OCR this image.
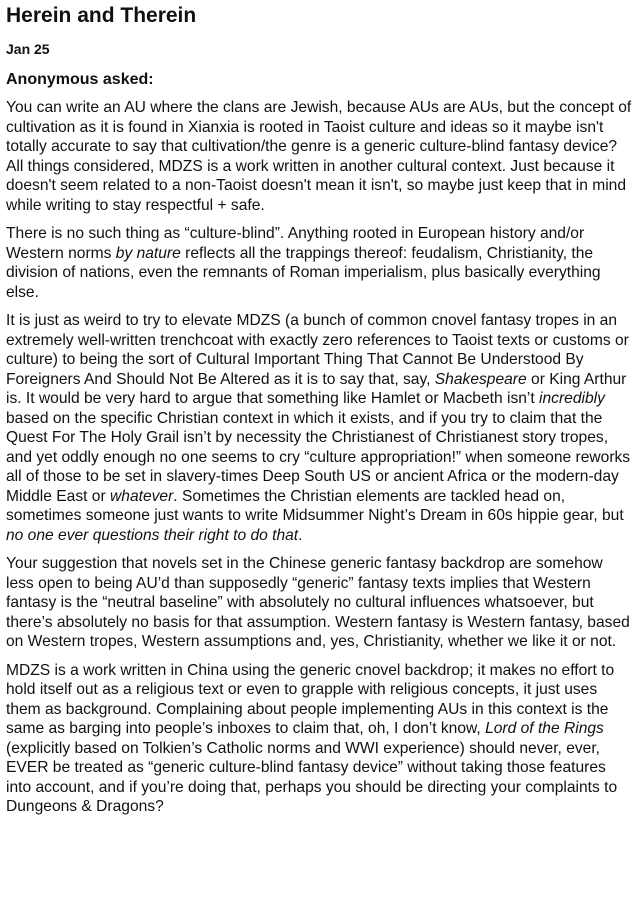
Herein and Therein
Jan 25
Anonymous asked:

You can write an AU where the clans are Jewish, because AUs are AUs, but the concept of cultivation as it is found in Xianxia is rooted in Taoist culture and ideas so it maybe isn't totally accurate to say that cultivation/the genre is a generic culture-blind fantasy device? All things considered, MDZS is a work written in another cultural context. Just because it doesn't seem related to a non-Taoist doesn't mean it isn't, so maybe just keep that in mind while writing to stay respectful + safe.

There is no such thing as “culture-blind”. Anything rooted in European history and/or Western norms by nature reflects all the trappings thereof: feudalism, Christianity, the division of nations, even the remnants of Roman imperialism, plus basically everything else.

It is just as weird to try to elevate MDZS (a bunch of common cnovel fantasy tropes in an extremely well-written trenchcoat with exactly zero references to Taoist texts or customs or culture) to being the sort of Cultural Important Thing That Cannot Be Understood By Foreigners And Should Not Be Altered as it is to say that, say, Shakespeare or King Arthur is. It would be very hard to argue that something like Hamlet or Macbeth isn’t incredibly based on the specific Christian context in which it exists, and if you try to claim that the Quest For The Holy Grail isn’t by necessity the Christianest of Christianest story tropes, and yet oddly enough no one seems to cry “culture appropriation!” when someone reworks all of those to be set in slavery-times Deep South US or ancient Africa or the modern-day Middle East or whatever. Sometimes the Christian elements are tackled head on, sometimes someone just wants to write Midsummer Night’s Dream in 60s hippie gear, but no one ever questions their right to do that.

Your suggestion that novels set in the Chinese generic fantasy backdrop are somehow less open to being AU’d than supposedly “generic” fantasy texts implies that Western fantasy is the “neutral baseline” with absolutely no cultural influences whatsoever, but there’s absolutely no basis for that assumption. Western fantasy is Western fantasy, based on Western tropes, Western assumptions and, yes, Christianity, whether we like it or not.

MDZS is a work written in China using the generic cnovel backdrop; it makes no effort to hold itself out as a religious text or even to grapple with religious concepts, it just uses them as background. Complaining about people implementing AUs in this context is the same as barging into people’s inboxes to claim that, oh, I don’t know, Lord of the Rings (explicitly based on Tolkien’s Catholic norms and WWI experience) should never, ever, EVER be treated as “generic culture-blind fantasy device” without taking those features into account, and if you’re doing that, perhaps you should be directing your complaints to Dungeons & Dragons?
